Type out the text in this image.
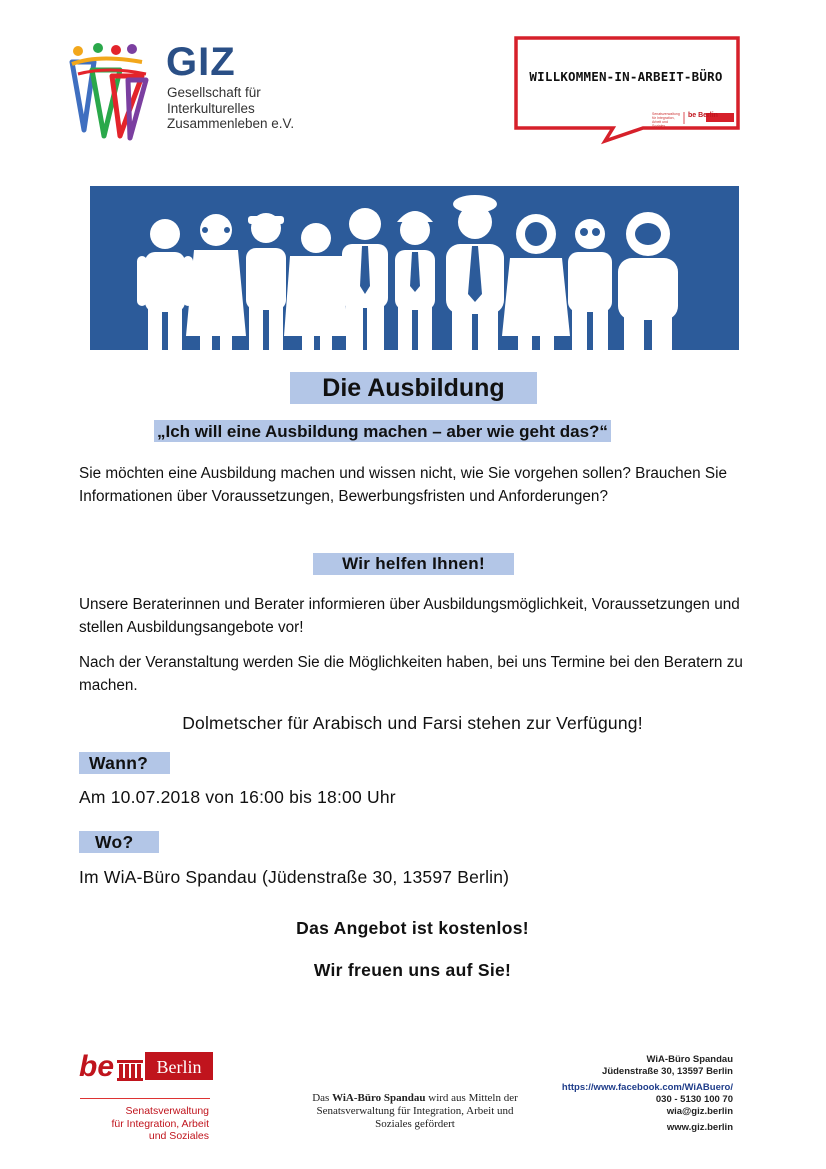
GIZ
Gesellschaft für
Interkulturelles
Zusammenleben e.V.
WILLKOMMEN-IN-ARBEIT-BÜRO
Senatsverwaltung für Integration, Arbeit und Soziales
be Berlin
Die Ausbildung
„Ich will eine Ausbildung machen – aber wie geht das?“
Sie möchten eine Ausbildung machen und wissen nicht, wie Sie vorgehen sollen? Brauchen Sie Informationen über Voraussetzungen, Bewerbungsfristen und Anforderungen?
Wir helfen Ihnen!
Unsere Beraterinnen und Berater informieren über Ausbildungsmöglichkeit, Voraussetzungen und stellen Ausbildungsangebote vor!
Nach der Veranstaltung werden Sie die Möglichkeiten haben, bei uns Termine bei den Beratern zu machen.
Dolmetscher für Arabisch und Farsi stehen zur Verfügung!
Wann?
Am 10.07.2018 von 16:00 bis 18:00 Uhr
Wo?
Im WiA-Büro Spandau (Jüdenstraße 30, 13597 Berlin)
Das Angebot ist kostenlos!
Wir freuen uns auf Sie!
be Berlin
Senatsverwaltung
für Integration, Arbeit
und Soziales
Das WiA-Büro Spandau wird aus Mitteln der Senatsverwaltung für Integration, Arbeit und Soziales gefördert
WiA-Büro Spandau
Jüdenstraße 30, 13597 Berlin
https://www.facebook.com/WiABuero/
030 - 5130 100 70
wia@giz.berlin
www.giz.berlin
